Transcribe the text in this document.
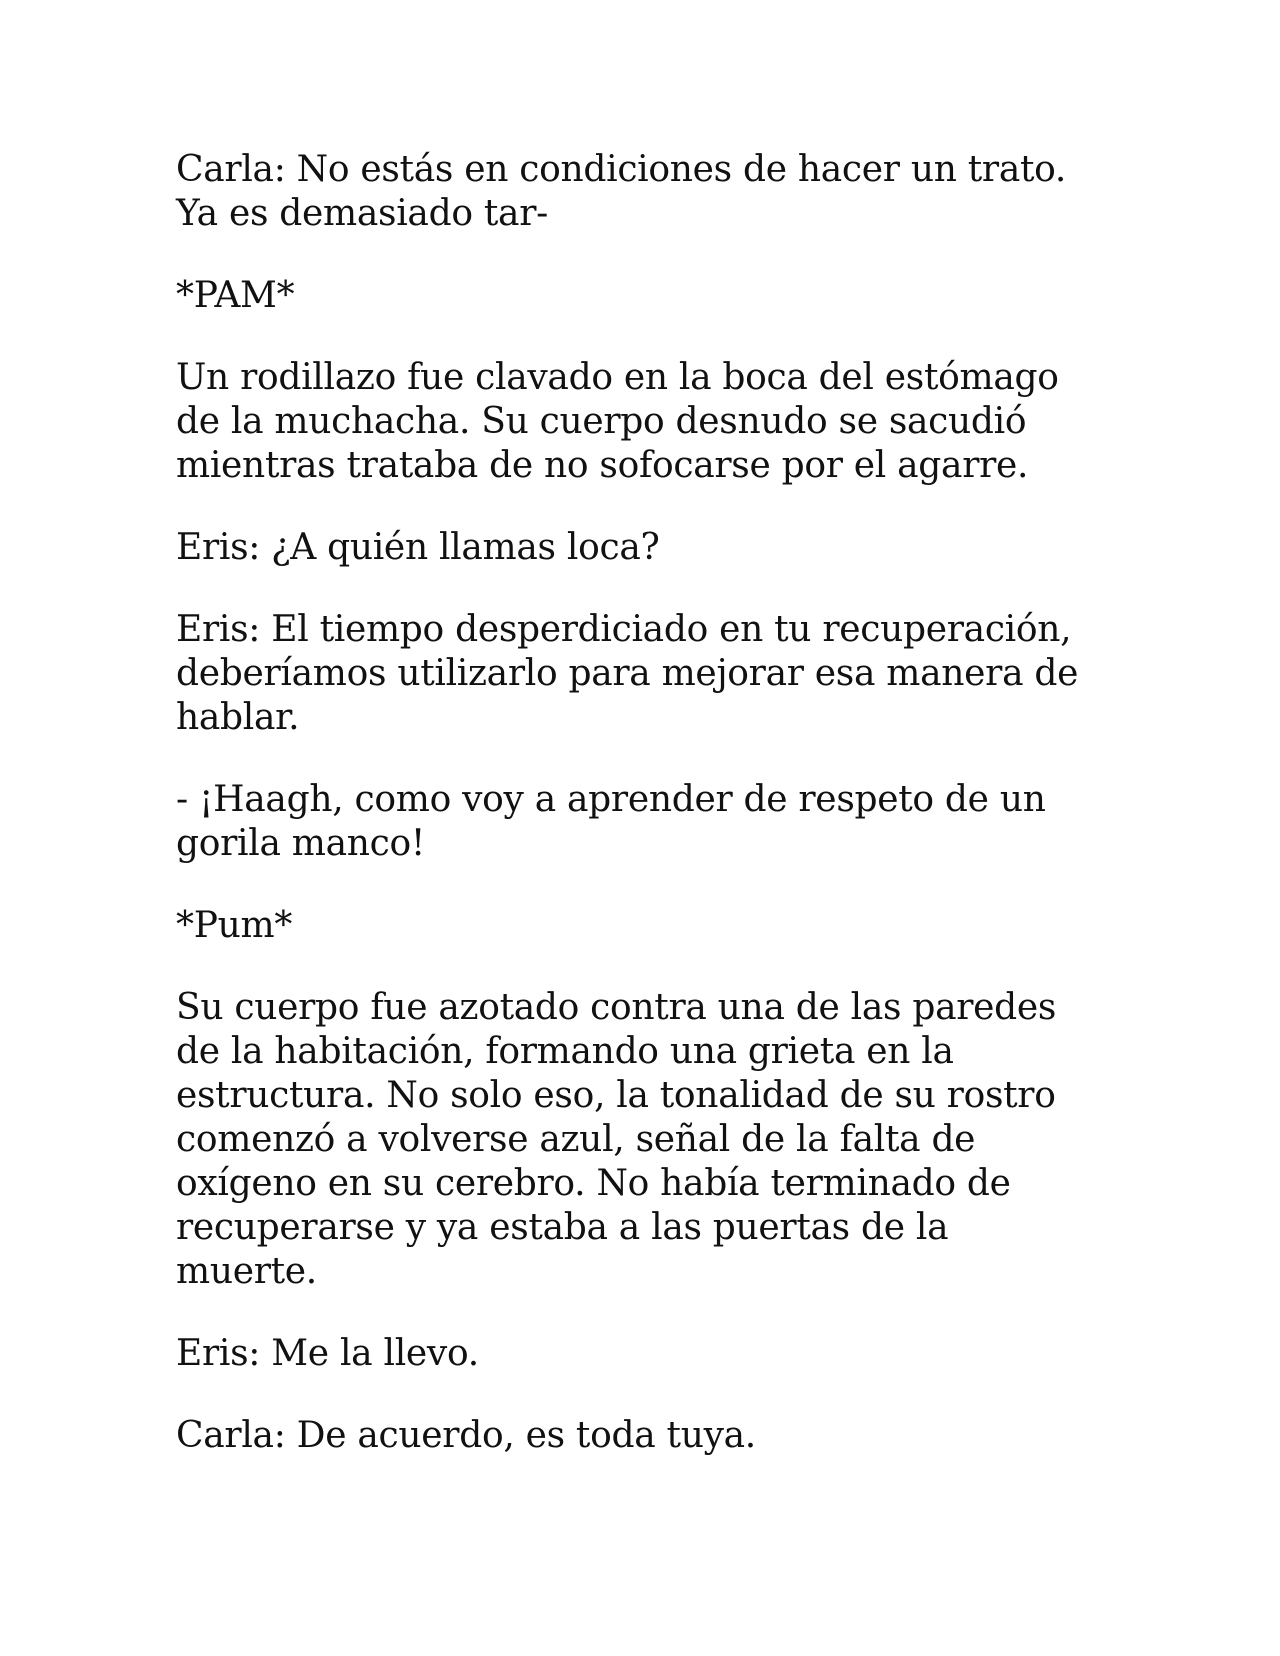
Carla: No estás en condiciones de hacer un trato.
Ya es demasiado tar-

*PAM*

Un rodillazo fue clavado en la boca del estómago
de la muchacha. Su cuerpo desnudo se sacudió
mientras trataba de no sofocarse por el agarre.

Eris: ¿A quién llamas loca?

Eris: El tiempo desperdiciado en tu recuperación,
deberíamos utilizarlo para mejorar esa manera de
hablar.

- ¡Haagh, como voy a aprender de respeto de un
gorila manco!

*Pum*

Su cuerpo fue azotado contra una de las paredes
de la habitación, formando una grieta en la
estructura. No solo eso, la tonalidad de su rostro
comenzó a volverse azul, señal de la falta de
oxígeno en su cerebro. No había terminado de
recuperarse y ya estaba a las puertas de la
muerte.

Eris: Me la llevo.

Carla: De acuerdo, es toda tuya.
